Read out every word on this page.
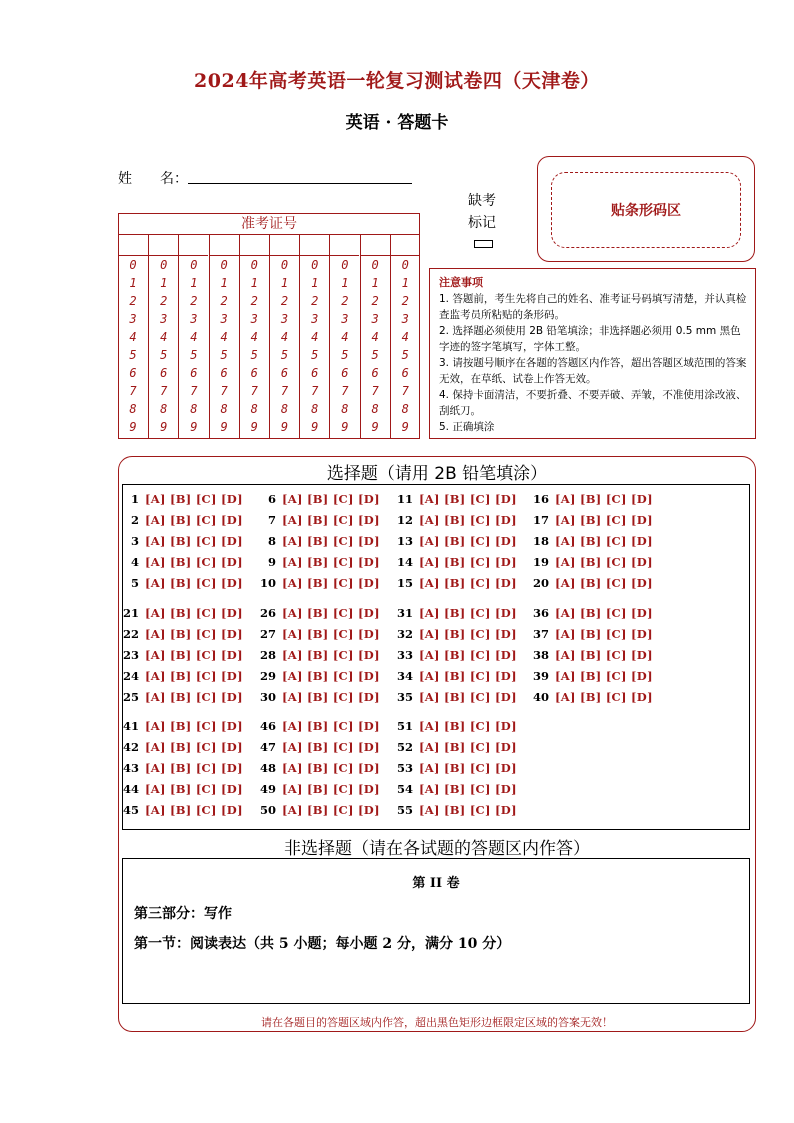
2024年高考英语一轮复习测试卷四（天津卷）
英语 · 答题卡
姓　　名：
缺考
标记
贴条形码区
准考证号
0
1
2
3
4
5
6
7
8
9
0
1
2
3
4
5
6
7
8
9
0
1
2
3
4
5
6
7
8
9
0
1
2
3
4
5
6
7
8
9
0
1
2
3
4
5
6
7
8
9
0
1
2
3
4
5
6
7
8
9
0
1
2
3
4
5
6
7
8
9
0
1
2
3
4
5
6
7
8
9
0
1
2
3
4
5
6
7
8
9
0
1
2
3
4
5
6
7
8
9
注意事项
1. 答题前，考生先将自己的姓名、准考证号码填写清楚，并认真检查监考员所粘贴的条形码。
2. 选择题必须使用 2B 铅笔填涂；非选择题必须用 0.5 mm 黑色字迹的签字笔填写，字体工整。
3. 请按题号顺序在各题的答题区内作答，超出答题区域范围的答案无效，在草纸、试卷上作答无效。
4. 保持卡面清洁，不要折叠、不要弄破、弄皱，不准使用涂改液、刮纸刀。
5. 正确填涂
选择题（请用 2B 铅笔填涂）
1 [A] [B] [C] [D]
2 [A] [B] [C] [D]
3 [A] [B] [C] [D]
4 [A] [B] [C] [D]
5 [A] [B] [C] [D]
6 [A] [B] [C] [D]
7 [A] [B] [C] [D]
8 [A] [B] [C] [D]
9 [A] [B] [C] [D]
10 [A] [B] [C] [D]
11 [A] [B] [C] [D]
12 [A] [B] [C] [D]
13 [A] [B] [C] [D]
14 [A] [B] [C] [D]
15 [A] [B] [C] [D]
16 [A] [B] [C] [D]
17 [A] [B] [C] [D]
18 [A] [B] [C] [D]
19 [A] [B] [C] [D]
20 [A] [B] [C] [D]
21 [A] [B] [C] [D]
22 [A] [B] [C] [D]
23 [A] [B] [C] [D]
24 [A] [B] [C] [D]
25 [A] [B] [C] [D]
26 [A] [B] [C] [D]
27 [A] [B] [C] [D]
28 [A] [B] [C] [D]
29 [A] [B] [C] [D]
30 [A] [B] [C] [D]
31 [A] [B] [C] [D]
32 [A] [B] [C] [D]
33 [A] [B] [C] [D]
34 [A] [B] [C] [D]
35 [A] [B] [C] [D]
36 [A] [B] [C] [D]
37 [A] [B] [C] [D]
38 [A] [B] [C] [D]
39 [A] [B] [C] [D]
40 [A] [B] [C] [D]
41 [A] [B] [C] [D]
42 [A] [B] [C] [D]
43 [A] [B] [C] [D]
44 [A] [B] [C] [D]
45 [A] [B] [C] [D]
46 [A] [B] [C] [D]
47 [A] [B] [C] [D]
48 [A] [B] [C] [D]
49 [A] [B] [C] [D]
50 [A] [B] [C] [D]
51 [A] [B] [C] [D]
52 [A] [B] [C] [D]
53 [A] [B] [C] [D]
54 [A] [B] [C] [D]
55 [A] [B] [C] [D]
非选择题（请在各试题的答题区内作答）
第 II 卷
第三部分：写作
第一节：阅读表达（共 5 小题；每小题 2 分，满分 10 分）
请在各题目的答题区域内作答，超出黑色矩形边框限定区域的答案无效！
